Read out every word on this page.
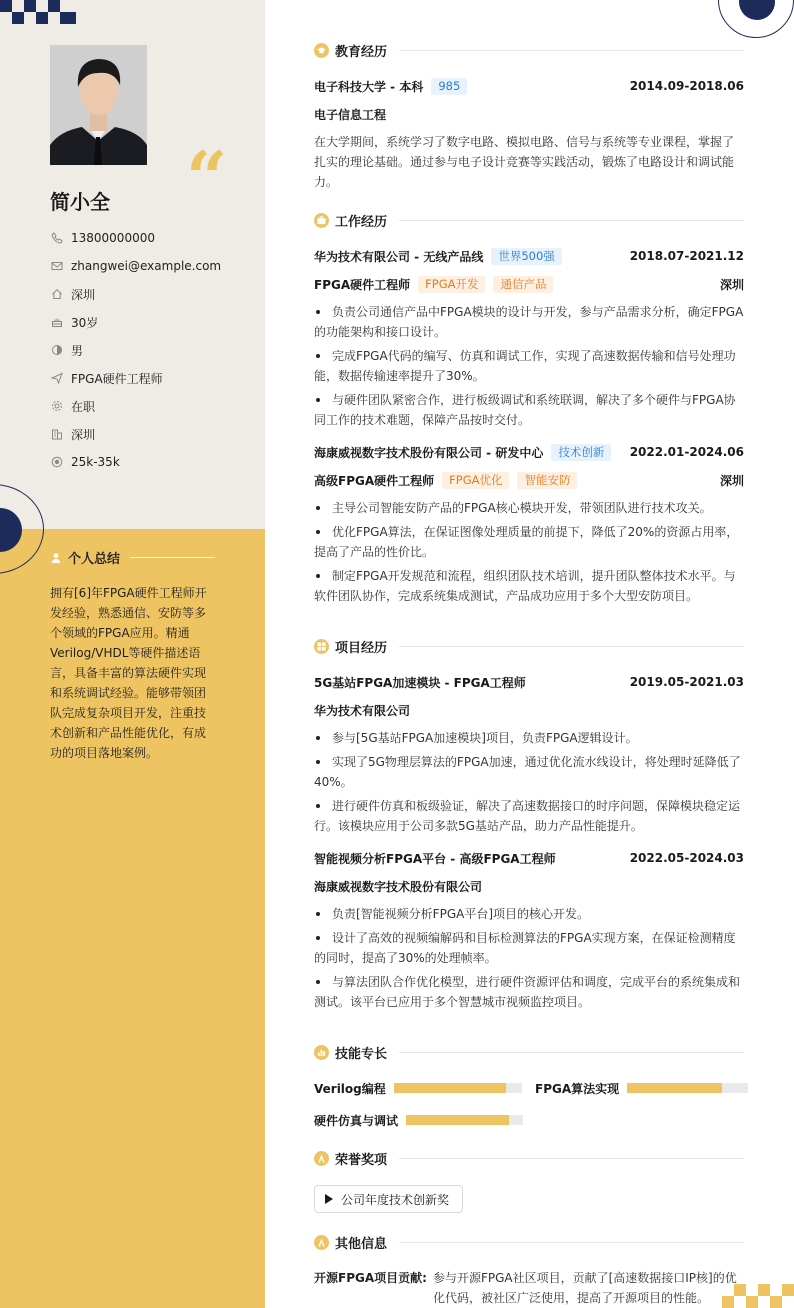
“
简小全
13800000000
zhangwei@example.com
深圳
30岁
男
FPGA硬件工程师
在职
深圳
25k-35k
个人总结
拥有[6]年FPGA硬件工程师开发经验，熟悉通信、安防等多个领域的FPGA应用。精通Verilog/VHDL等硬件描述语言，具备丰富的算法硬件实现和系统调试经验。能够带领团队完成复杂项目开发，注重技术创新和产品性能优化，有成功的项目落地案例。
教育经历
电子科技大学 - 本科	985	2014.09-2018.06
电子信息工程
在大学期间，系统学习了数字电路、模拟电路、信号与系统等专业课程，掌握了扎实的理论基础。通过参与电子设计竞赛等实践活动，锻炼了电路设计和调试能力。
工作经历
华为技术有限公司 - 无线产品线	世界500强	2018.07-2021.12
FPGA硬件工程师	FPGA开发	通信产品	深圳
负责公司通信产品中FPGA模块的设计与开发，参与产品需求分析，确定FPGA的功能架构和接口设计。
完成FPGA代码的编写、仿真和调试工作，实现了高速数据传输和信号处理功能，数据传输速率提升了30%。
与硬件团队紧密合作，进行板级调试和系统联调，解决了多个硬件与FPGA协同工作的技术难题，保障产品按时交付。
海康威视数字技术股份有限公司 - 研发中心	技术创新	2022.01-2024.06
高级FPGA硬件工程师	FPGA优化	智能安防	深圳
主导公司智能安防产品的FPGA核心模块开发，带领团队进行技术攻关。
优化FPGA算法，在保证图像处理质量的前提下，降低了20%的资源占用率，提高了产品的性价比。
制定FPGA开发规范和流程，组织团队技术培训，提升团队整体技术水平。与软件团队协作，完成系统集成测试，产品成功应用于多个大型安防项目。
项目经历
5G基站FPGA加速模块 - FPGA工程师	2019.05-2021.03
华为技术有限公司
参与[5G基站FPGA加速模块]项目，负责FPGA逻辑设计。
实现了5G物理层算法的FPGA加速，通过优化流水线设计，将处理时延降低了40%。
进行硬件仿真和板级验证，解决了高速数据接口的时序问题，保障模块稳定运行。该模块应用于公司多款5G基站产品，助力产品性能提升。
智能视频分析FPGA平台 - 高级FPGA工程师	2022.05-2024.03
海康威视数字技术股份有限公司
负责[智能视频分析FPGA平台]项目的核心开发。
设计了高效的视频编解码和目标检测算法的FPGA实现方案，在保证检测精度的同时，提高了30%的处理帧率。
与算法团队合作优化模型，进行硬件资源评估和调度，完成平台的系统集成和测试。该平台已应用于多个智慧城市视频监控项目。
技能专长
Verilog编程	FPGA算法实现
硬件仿真与调试
荣誉奖项
公司年度技术创新奖
其他信息
开源FPGA项目贡献: 参与开源FPGA社区项目，贡献了[高速数据接口IP核]的优化代码，被社区广泛使用，提高了开源项目的性能。
